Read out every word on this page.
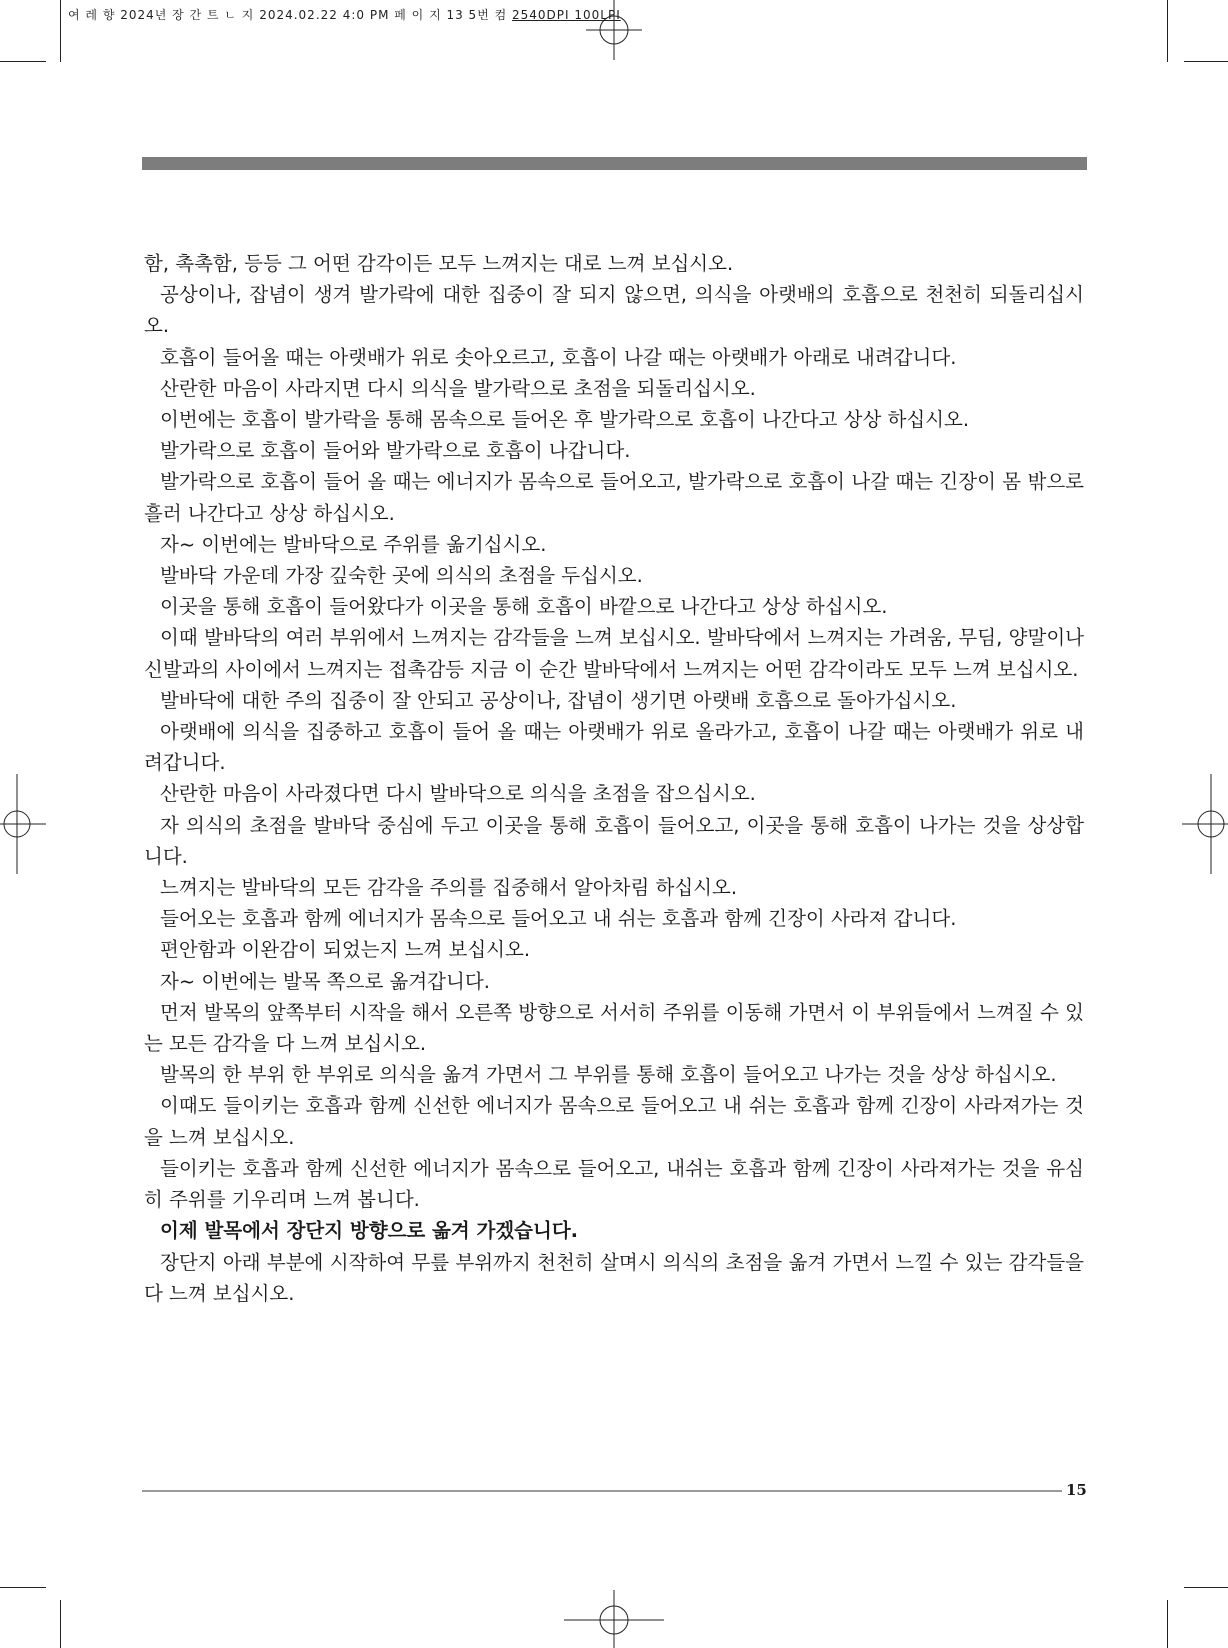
여 레 향 2024년 장 간 트 ㄴ 지 2024.02.22 4:0 PM 페 이 지 13 5번 컴 2540DPI 100LPI

함, 촉촉함, 등등 그 어떤 감각이든 모두 느껴지는 대로 느껴 보십시오.

공상이나, 잡념이 생겨 발가락에 대한 집중이 잘 되지 않으면, 의식을 아랫배의 호흡으로 천천히 되돌리십시오.

호흡이 들어올 때는 아랫배가 위로 솟아오르고, 호흡이 나갈 때는 아랫배가 아래로 내려갑니다.

산란한 마음이 사라지면 다시 의식을 발가락으로 초점을 되돌리십시오.

이번에는 호흡이 발가락을 통해 몸속으로 들어온 후 발가락으로 호흡이 나간다고 상상 하십시오.

발가락으로 호흡이 들어와 발가락으로 호흡이 나갑니다.

발가락으로 호흡이 들어 올 때는 에너지가 몸속으로 들어오고, 발가락으로 호흡이 나갈 때는 긴장이 몸 밖으로 흘러 나간다고 상상 하십시오.

자~ 이번에는 발바닥으로 주위를 옮기십시오.

발바닥 가운데 가장 깊숙한 곳에 의식의 초점을 두십시오.

이곳을 통해 호흡이 들어왔다가 이곳을 통해 호흡이 바깥으로 나간다고 상상 하십시오.

이때 발바닥의 여러 부위에서 느껴지는 감각들을 느껴 보십시오. 발바닥에서 느껴지는 가려움, 무딤, 양말이나 신발과의 사이에서 느껴지는 접촉감등 지금 이 순간 발바닥에서 느껴지는 어떤 감각이라도 모두 느껴 보십시오.

발바닥에 대한 주의 집중이 잘 안되고 공상이나, 잡념이 생기면 아랫배 호흡으로 돌아가십시오.

아랫배에 의식을 집중하고 호흡이 들어 올 때는 아랫배가 위로 올라가고, 호흡이 나갈 때는 아랫배가 위로 내려갑니다.

산란한 마음이 사라졌다면 다시 발바닥으로 의식을 초점을 잡으십시오.

자 의식의 초점을 발바닥 중심에 두고 이곳을 통해 호흡이 들어오고, 이곳을 통해 호흡이 나가는 것을 상상합니다.

느껴지는 발바닥의 모든 감각을 주의를 집중해서 알아차림 하십시오.

들어오는 호흡과 함께 에너지가 몸속으로 들어오고 내 쉬는 호흡과 함께 긴장이 사라져 갑니다.

편안함과 이완감이 되었는지 느껴 보십시오.

자~ 이번에는 발목 쪽으로 옮겨갑니다.

먼저 발목의 앞쪽부터 시작을 해서 오른쪽 방향으로 서서히 주위를 이동해 가면서 이 부위들에서 느껴질 수 있는 모든 감각을 다 느껴 보십시오.

발목의 한 부위 한 부위로 의식을 옮겨 가면서 그 부위를 통해 호흡이 들어오고 나가는 것을 상상 하십시오.

이때도 들이키는 호흡과 함께 신선한 에너지가 몸속으로 들어오고 내 쉬는 호흡과 함께 긴장이 사라져가는 것을 느껴 보십시오.

들이키는 호흡과 함께 신선한 에너지가 몸속으로 들어오고, 내쉬는 호흡과 함께 긴장이 사라져가는 것을 유심히 주위를 기우리며 느껴 봅니다.

이제 발목에서 장단지 방향으로 옮겨 가겠습니다.

장단지 아래 부분에 시작하여 무릎 부위까지 천천히 살며시 의식의 초점을 옮겨 가면서 느낄 수 있는 감각들을 다 느껴 보십시오.

15
